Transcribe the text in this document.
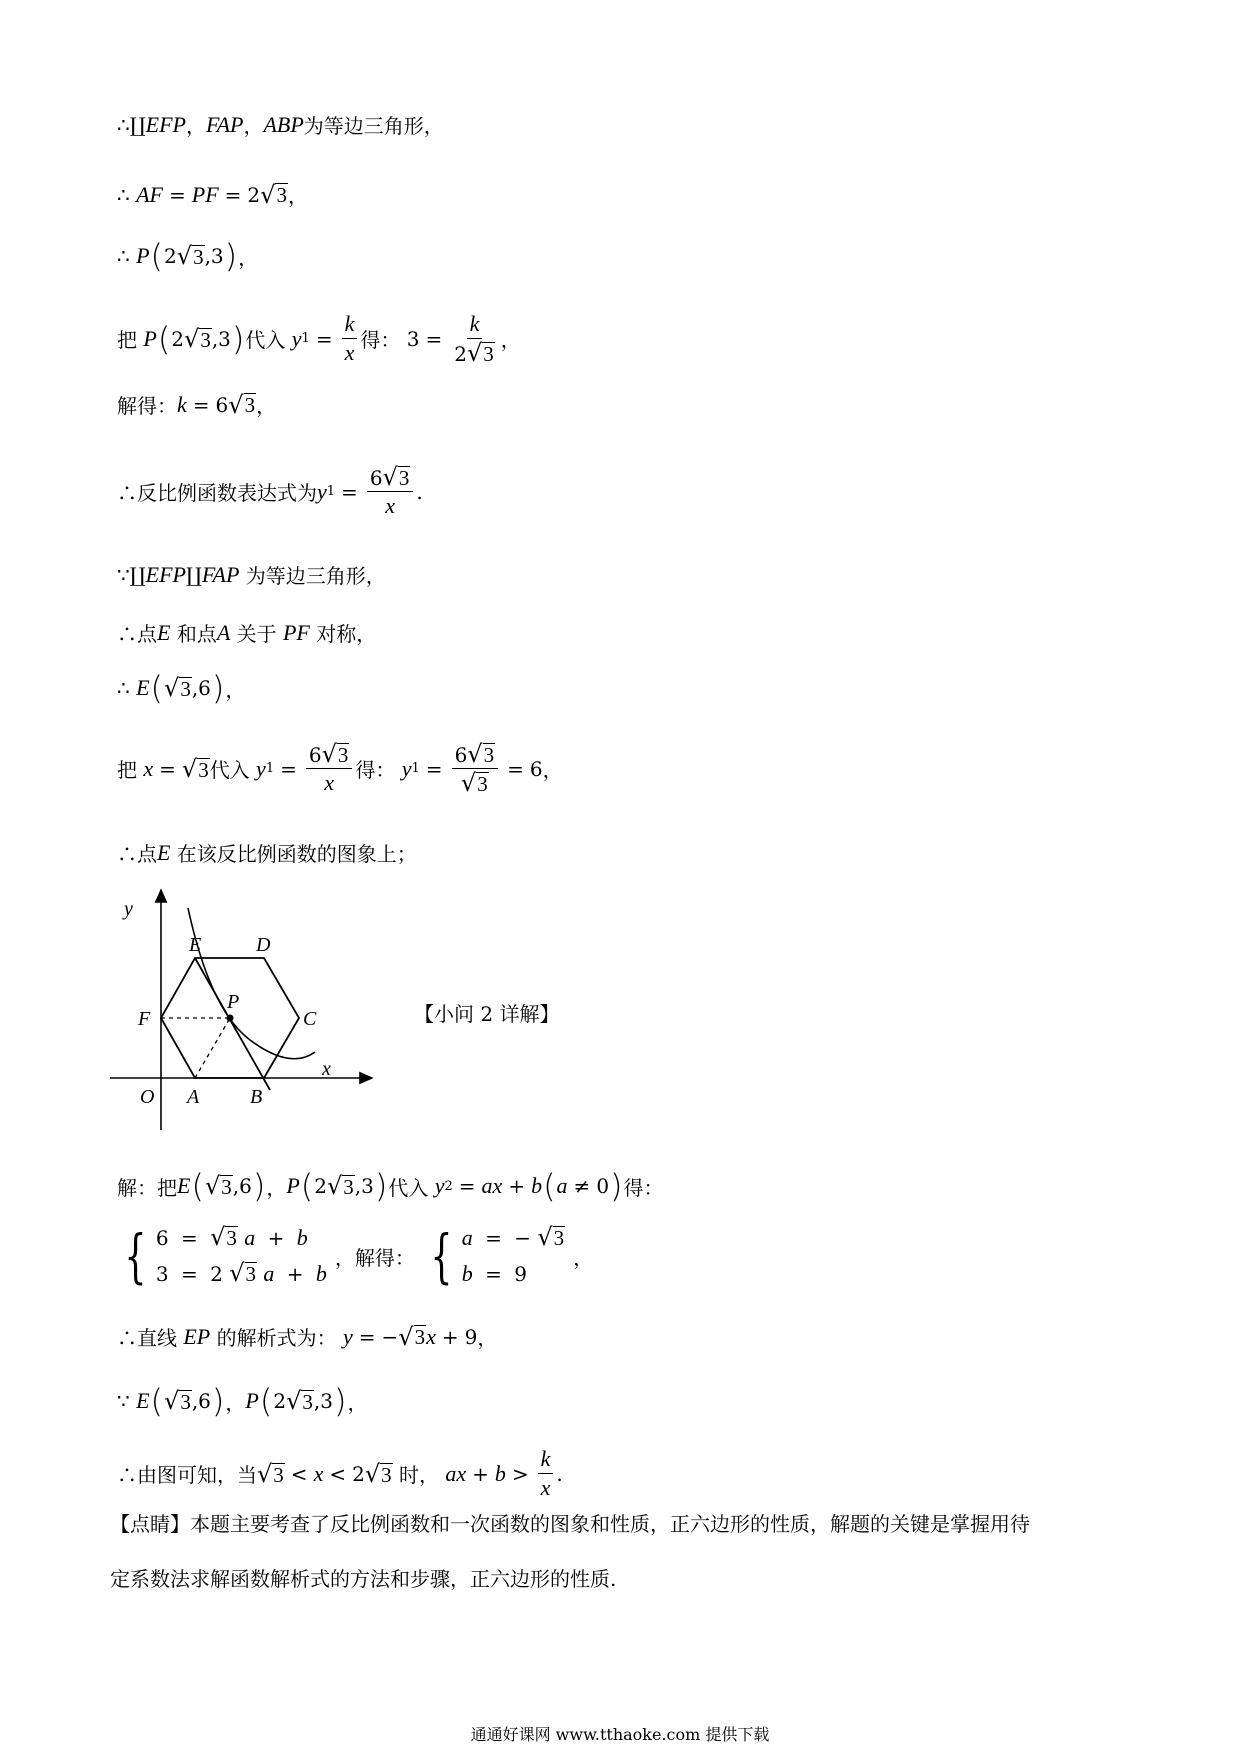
∴ ∐ EFP ， FAP ， ABP 为等边三角形，
∴
AF = PF = 2 √ 3 ，
∴
P ( 2 √ 3 ,3 ) ，
把
P ( 2 √ 3 ,3 ) 代入
y $1 = \frac{k}{x}$ 得：
$3 = \frac{k}{2 √ 3}$ ，
解得： k = 6 √ 3 ，
∴反比例函数表达式为 y $1 = \frac{6 √ 3}{x}$ .
∵ ∐ EFP ∐ FAP
为等边三角形，
∴点 E
和点 A
关于
PF
对称，
∴
E ( √ 3 ,6 ) ，
把
x = √ 3 代入
y $1 = \frac{6 √ 3}{x}$ 得：
y $1 = \frac{6 √ 3}{√ 3} = 6$ ，
∴点 E
在该反比例函数的图象上；
y
x
O A	B
C
D
E
F
P	【小问 2 详解】
解：把 E ( √ 3 ,6 ) ， P ( 2 √ 3 ,3 ) 代入
y 2 = ax + b ( a ≠ 0 ) 得：
{ 6 = √ 3 a + b
3 = 2 √ 3 a + b
，解得： { a = − √ 3
b = 9
，
∴直线
EP
的解析式为：
y = − √ 3 x + 9 ，
∵
E ( √ 3 ,6 ) ， P ( 2 √ 3 ,3 ) ，
∴由图可知，当 √ 3 < x < 2 √ 3
时，
ax + $b > \frac{k}{x}$ .
【点睛】本题主要考查了反比例函数和一次函数的图象和性质，正六边形的性质，解题的关键是掌握用待
定系数法求解函数解析式的方法和步骤，正六边形的性质.
通通好课网 www.tthaoke.com 提供下载
